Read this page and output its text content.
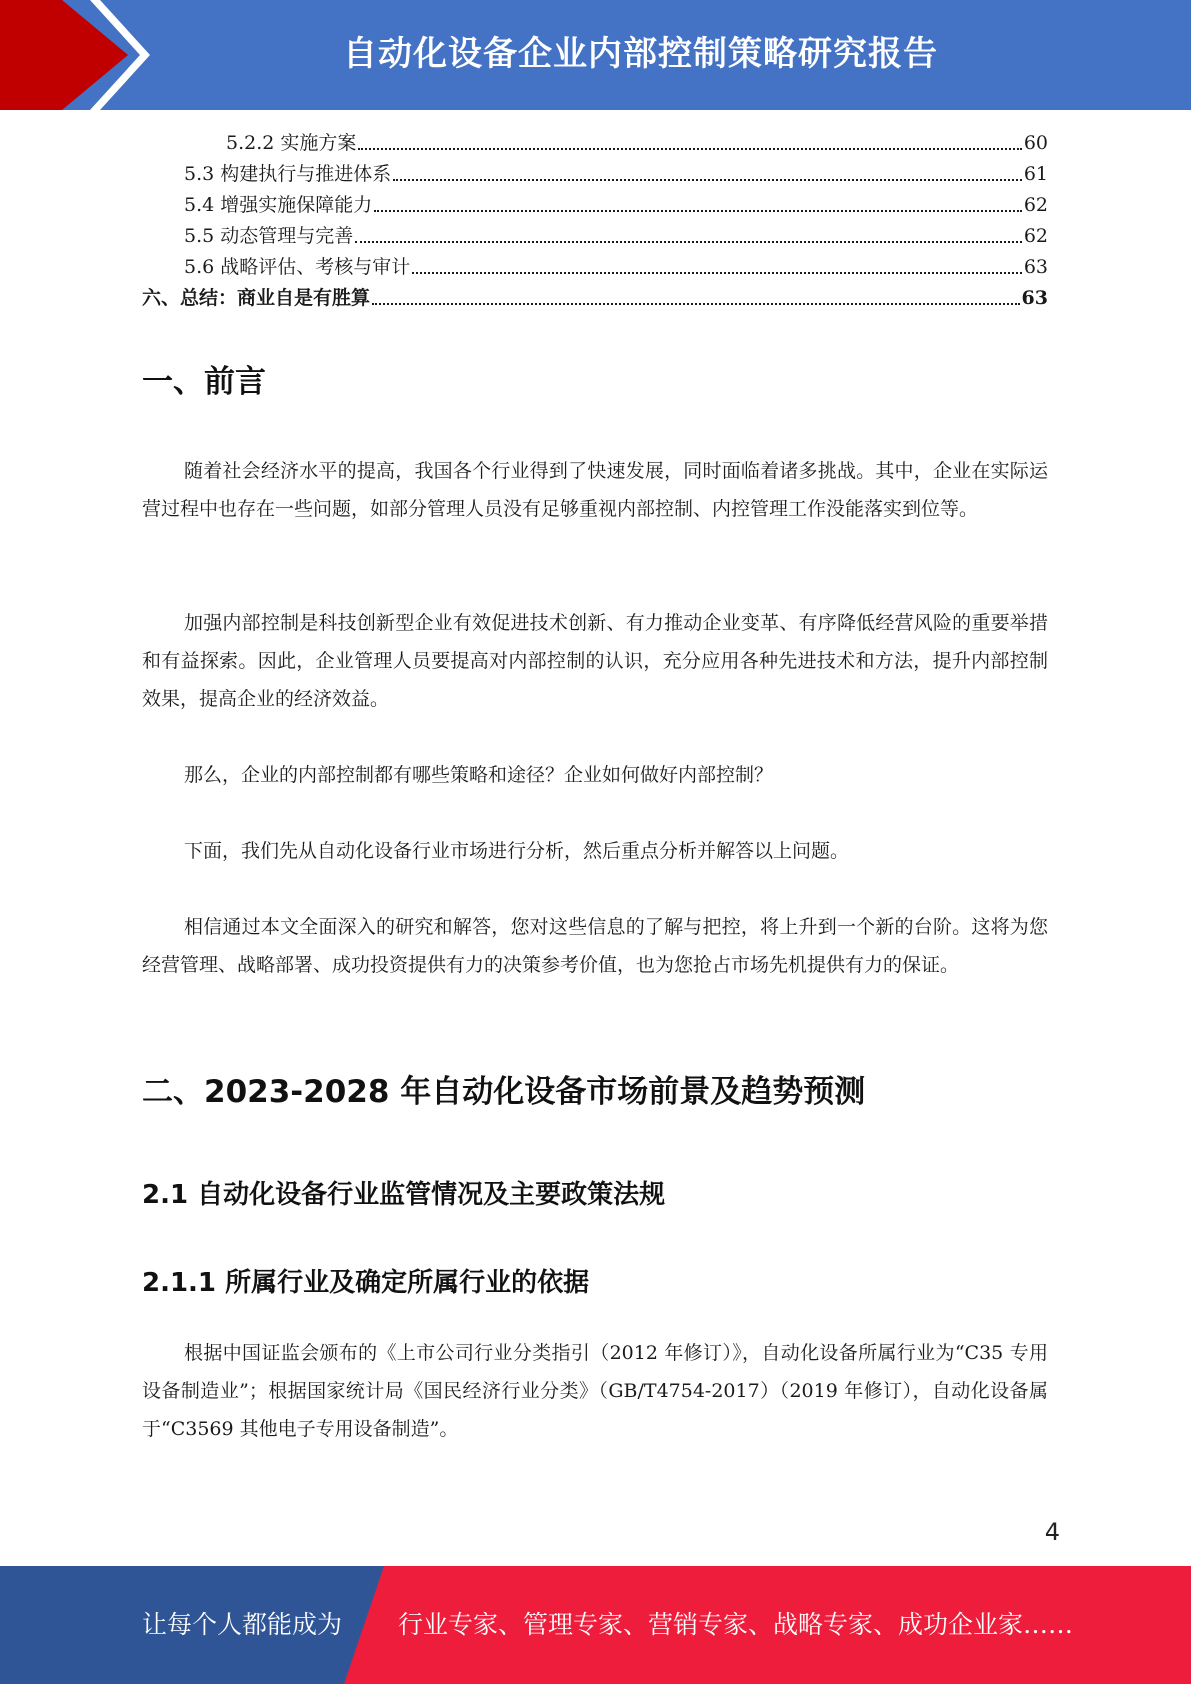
自动化设备企业内部控制策略研究报告
5.2.2 实施方案	60
5.3 构建执行与推进体系	61
5.4 增强实施保障能力	62
5.5 动态管理与完善	62
5.6 战略评估、考核与审计	63
六、总结：商业自是有胜算	63
一、前言

随着社会经济水平的提高，我国各个行业得到了快速发展，同时面临着诸多挑战。其中，企业在实际运营过程中也存在一些问题，如部分管理人员没有足够重视内部控制、内控管理工作没能落实到位等。

加强内部控制是科技创新型企业有效促进技术创新、有力推动企业变革、有序降低经营风险的重要举措和有益探索。因此，企业管理人员要提高对内部控制的认识，充分应用各种先进技术和方法，提升内部控制效果，提高企业的经济效益。

那么，企业的内部控制都有哪些策略和途径？企业如何做好内部控制？

下面，我们先从自动化设备行业市场进行分析，然后重点分析并解答以上问题。

相信通过本文全面深入的研究和解答，您对这些信息的了解与把控，将上升到一个新的台阶。这将为您经营管理、战略部署、成功投资提供有力的决策参考价值，也为您抢占市场先机提供有力的保证。

二、2023-2028 年自动化设备市场前景及趋势预测
2.1 自动化设备行业监管情况及主要政策法规
2.1.1 所属行业及确定所属行业的依据

根据中国证监会颁布的《上市公司行业分类指引（2012 年修订）》，自动化设备所属行业为“C35 专用设备制造业”；根据国家统计局《国民经济行业分类》（GB/T4754-2017）（2019 年修订），自动化设备属于“C3569 其他电子专用设备制造”。

4
让每个人都能成为 行业专家、管理专家、营销专家、战略专家、成功企业家……
